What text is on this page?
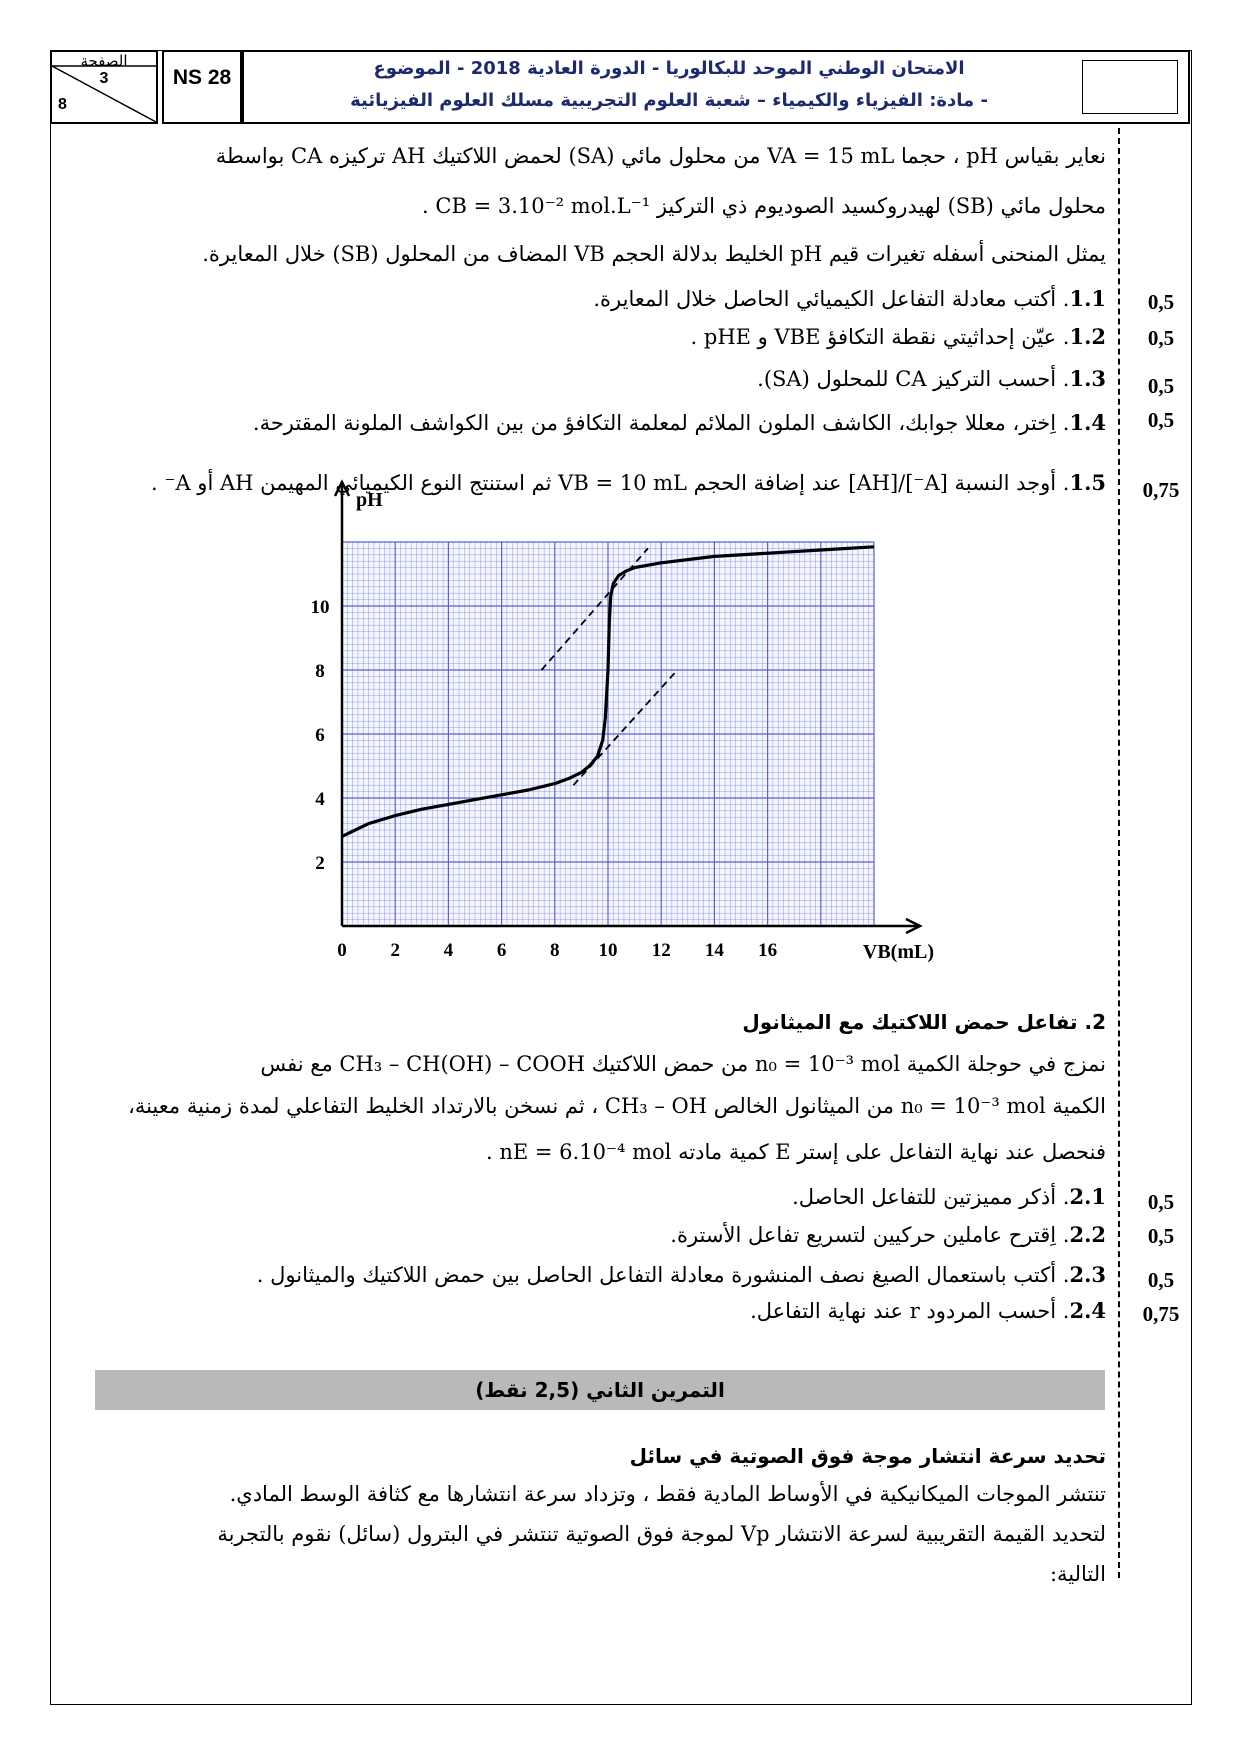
الصفحة
3
8
NS 28	الامتحان الوطني الموحد للبكالوريا - الدورة العادية 2018 - الموضوع
- مادة: الفيزياء والكيمياء – شعبة العلوم التجريبية مسلك العلوم الفيزيائية
نعاير بقياس pH ، حجما VA = 15 mL من محلول مائي (SA) لحمض اللاكتيك AH تركيزه CA بواسطة
محلول مائي (SB) لهيدروكسيد الصوديوم ذي التركيز CB = 3.10⁻² mol.L⁻¹ .
يمثل المنحنى أسفله تغيرات قيم pH الخليط بدلالة الحجم VB المضاف من المحلول (SB) خلال المعايرة.
1.1. أكتب معادلة التفاعل الكيميائي الحاصل خلال المعايرة.	0,5
1.2. عيّن إحداثيتي نقطة التكافؤ VBE و pHE .	0,5
1.3. أحسب التركيز CA للمحلول (SA).	0,5
1.4. اِختر، معللا جوابك، الكاشف الملون الملائم لمعلمة التكافؤ من بين الكواشف الملونة المقترحة.	0,5
1.5. أوجد النسبة [A⁻]/[AH] عند إضافة الحجم VB = 10 mL ثم استنتج النوع الكيميائي المهيمن AH أو A⁻ .	0,75
0 2 4 6 8 10 12 14 16
2
4
6
8
10
pH
VB(mL)
2. تفاعل حمض اللاكتيك مع الميثانول
نمزج في حوجلة الكمية n₀ = 10⁻³ mol من حمض اللاكتيك CH₃ – CH(OH) – COOH مع نفس
الكمية n₀ = 10⁻³ mol من الميثانول الخالص CH₃ – OH ، ثم نسخن بالارتداد الخليط التفاعلي لمدة زمنية معينة،
فنحصل عند نهاية التفاعل على إستر E كمية مادته nE = 6.10⁻⁴ mol .
2.1. أذكر مميزتين للتفاعل الحاصل.	0,5
2.2. اِقترح عاملين حركيين لتسريع تفاعل الأسترة.	0,5
2.3. أكتب باستعمال الصيغ نصف المنشورة معادلة التفاعل الحاصل بين حمض اللاكتيك والميثانول .	0,5
2.4. أحسب المردود r عند نهاية التفاعل.	0,75
التمرين الثاني (2,5 نقط)
تحديد سرعة انتشار موجة فوق الصوتية في سائل
تنتشر الموجات الميكانيكية في الأوساط المادية فقط ، وتزداد سرعة انتشارها مع كثافة الوسط المادي.
لتحديد القيمة التقريبية لسرعة الانتشار Vp لموجة فوق الصوتية تنتشر في البترول (سائل) نقوم بالتجربة
التالية:
